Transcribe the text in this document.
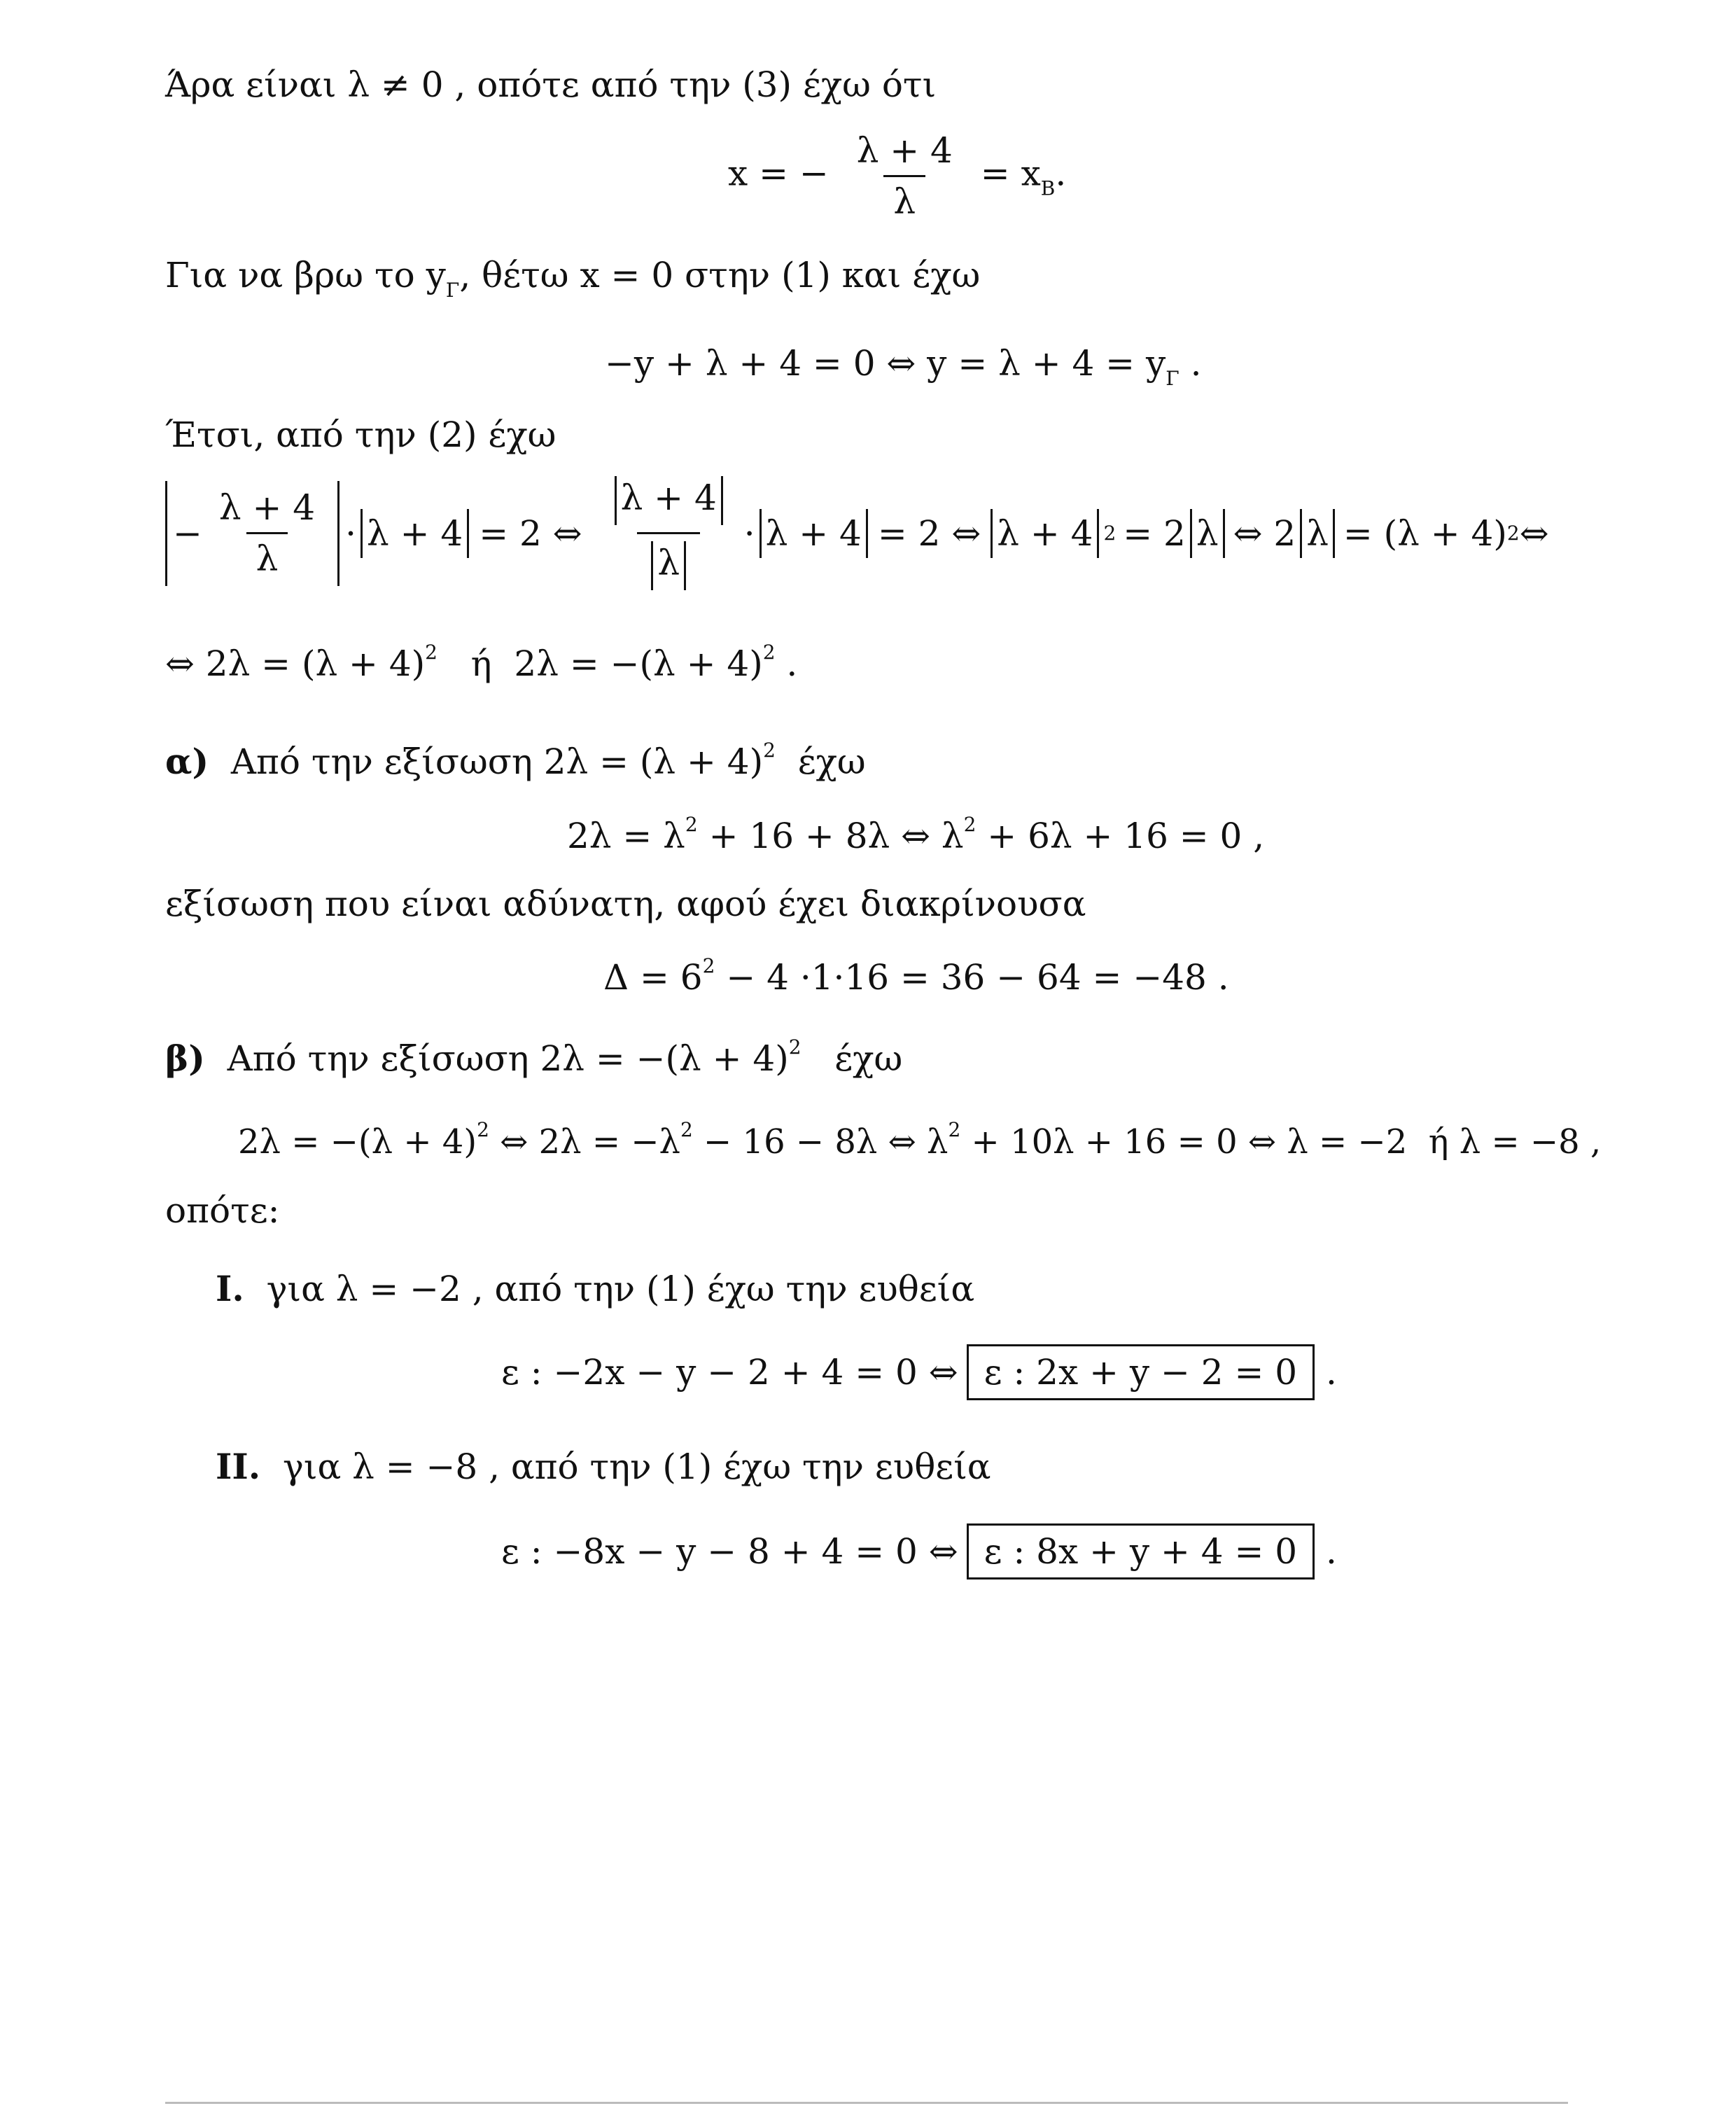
Άρα είναι λ ≠ 0 , οπότε από την (3) έχω ότι
x = − $\frac{\lambda + 4}{\lambda} = x_B$.
Για να βρω το $y_\Gamma$, θέτω x = 0 στην (1) και έχω
−y + λ + 4 = 0 ⇔ $y = \lambda + 4 = y_\Gamma$ .
Έτσι, από την (2) έχω
− $\frac{\lambda + 4}{\lambda} \cdot \lambda + 4 = 2$ ⇔ $\frac{\lambda + 4}{\lambda} \cdot \lambda + 4 = 2$ ⇔ λ + 4 2 = 2 λ ⇔ 2 λ = (λ + 4) 2 ⇔
⇔ $2\lambda = (\lambda + 4)^2$   ή  $2\lambda = -(\lambda + 4)^2$ .
α)  Από την εξίσωση $2\lambda = (\lambda + 4)^2$  έχω
$2\lambda = \lambda^2 + 16 + 8\lambda$ ⇔ $\lambda^2 + 6\lambda + 16 = 0$ ,
εξίσωση που είναι αδύνατη, αφού έχει διακρίνουσα
$\Delta = 6^2 - 4 \cdot 1\cdot 16 = 36 - 64 = -48$ .
β)  Από την εξίσωση $2\lambda = -(\lambda + 4)^2$   έχω
$2\lambda = -(\lambda + 4)^2$ ⇔ $2\lambda = -\lambda^2 - 16 - 8\lambda$ ⇔ $\lambda^2 + 10\lambda + 16 = 0$ ⇔ λ = −2  ή λ = −8 ,
οπότε:
I.  για λ = −2 , από την (1) έχω την ευθεία
ε : −2x − y − 2 + 4 = 0 ⇔ ε : 2x + y − 2 = 0 .
II.  για λ = −8 , από την (1) έχω την ευθεία
ε : −8x − y − 8 + 4 = 0 ⇔ ε : 8x + y + 4 = 0 .
